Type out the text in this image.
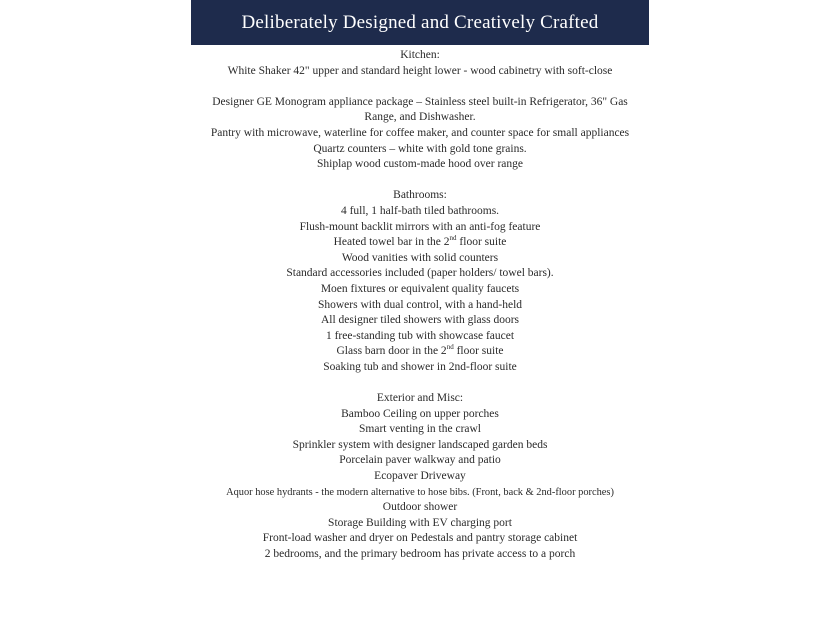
Deliberately Designed and Creatively Crafted
Kitchen:
White Shaker 42" upper and standard height lower - wood cabinetry with soft-close
Designer GE Monogram appliance package – Stainless steel built-in Refrigerator, 36" Gas Range, and Dishwasher.
Pantry with microwave, waterline for coffee maker, and counter space for small appliances
Quartz counters – white with gold tone grains.
Shiplap wood custom-made hood over range
Bathrooms:
4 full, 1 half-bath tiled bathrooms.
Flush-mount backlit mirrors with an anti-fog feature
Heated towel bar in the 2nd floor suite
Wood vanities with solid counters
Standard accessories included (paper holders/ towel bars).
Moen fixtures or equivalent quality faucets
Showers with dual control, with a hand-held
All designer tiled showers with glass doors
1 free-standing tub with showcase faucet
Glass barn door in the 2nd floor suite
Soaking tub and shower in 2nd-floor suite
Exterior and Misc:
Bamboo Ceiling on upper porches
Smart venting in the crawl
Sprinkler system with designer landscaped garden beds
Porcelain paver walkway and patio
Ecopaver Driveway
Aquor hose hydrants - the modern alternative to hose bibs. (Front, back & 2nd-floor porches)
Outdoor shower
Storage Building with EV charging port
Front-load washer and dryer on Pedestals and pantry storage cabinet
2 bedrooms, and the primary bedroom has private access to a porch
